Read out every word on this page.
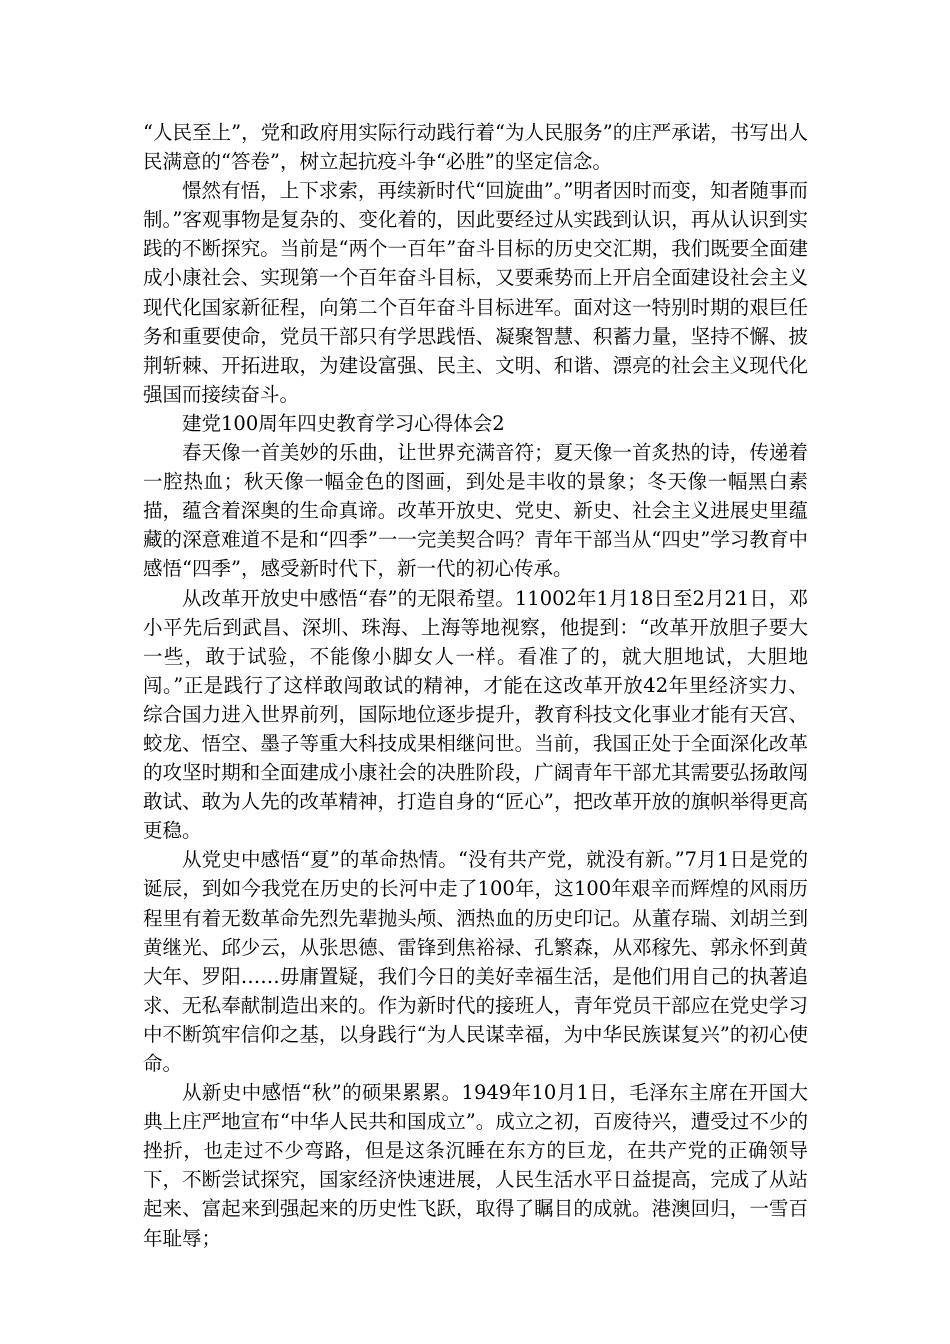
“人民至上”，党和政府用实际行动践行着“为人民服务”的庄严承诺，书写出人民满意的“答卷”，树立起抗疫斗争“必胜”的坚定信念。

憬然有悟，上下求索，再续新时代“回旋曲”。”明者因时而变，知者随事而制。”客观事物是复杂的、变化着的，因此要经过从实践到认识，再从认识到实践的不断探究。当前是“两个一百年”奋斗目标的历史交汇期，我们既要全面建成小康社会、实现第一个百年奋斗目标，又要乘势而上开启全面建设社会主义现代化国家新征程，向第二个百年奋斗目标进军。面对这一特别时期的艰巨任务和重要使命，党员干部只有学思践悟、凝聚智慧、积蓄力量，坚持不懈、披荆斩棘、开拓进取，为建设富强、民主、文明、和谐、漂亮的社会主义现代化强国而接续奋斗。

建党100周年四史教育学习心得体会2

春天像一首美妙的乐曲，让世界充满音符；夏天像一首炙热的诗，传递着一腔热血；秋天像一幅金色的图画，到处是丰收的景象；冬天像一幅黑白素描，蕴含着深奥的生命真谛。改革开放史、党史、新史、社会主义进展史里蕴藏的深意难道不是和“四季”一一完美契合吗？青年干部当从“四史”学习教育中感悟“四季”，感受新时代下，新一代的初心传承。

从改革开放史中感悟“春”的无限希望。11002年1月18日至2月21日，邓小平先后到武昌、深圳、珠海、上海等地视察，他提到：“改革开放胆子要大一些，敢于试验，不能像小脚女人一样。看准了的，就大胆地试，大胆地闯。”正是践行了这样敢闯敢试的精神，才能在这改革开放42年里经济实力、综合国力进入世界前列，国际地位逐步提升，教育科技文化事业才能有天宫、蛟龙、悟空、墨子等重大科技成果相继问世。当前，我国正处于全面深化改革的攻坚时期和全面建成小康社会的决胜阶段，广阔青年干部尤其需要弘扬敢闯敢试、敢为人先的改革精神，打造自身的“匠心”，把改革开放的旗帜举得更高更稳。

从党史中感悟“夏”的革命热情。“没有共产党，就没有新。”7月1日是党的诞辰，到如今我党在历史的长河中走了100年，这100年艰辛而辉煌的风雨历程里有着无数革命先烈先辈抛头颅、洒热血的历史印记。从董存瑞、刘胡兰到黄继光、邱少云，从张思德、雷锋到焦裕禄、孔繁森，从邓稼先、郭永怀到黄大年、罗阳……毋庸置疑，我们今日的美好幸福生活，是他们用自己的执著追求、无私奉献制造出来的。作为新时代的接班人，青年党员干部应在党史学习中不断筑牢信仰之基，以身践行“为人民谋幸福，为中华民族谋复兴”的初心使命。

从新史中感悟“秋”的硕果累累。1949年10月1日，毛泽东主席在开国大典上庄严地宣布“中华人民共和国成立”。成立之初，百废待兴，遭受过不少的挫折，也走过不少弯路，但是这条沉睡在东方的巨龙，在共产党的正确领导下，不断尝试探究，国家经济快速进展，人民生活水平日益提高，完成了从站起来、富起来到强起来的历史性飞跃，取得了瞩目的成就。港澳回归，一雪百年耻辱；
